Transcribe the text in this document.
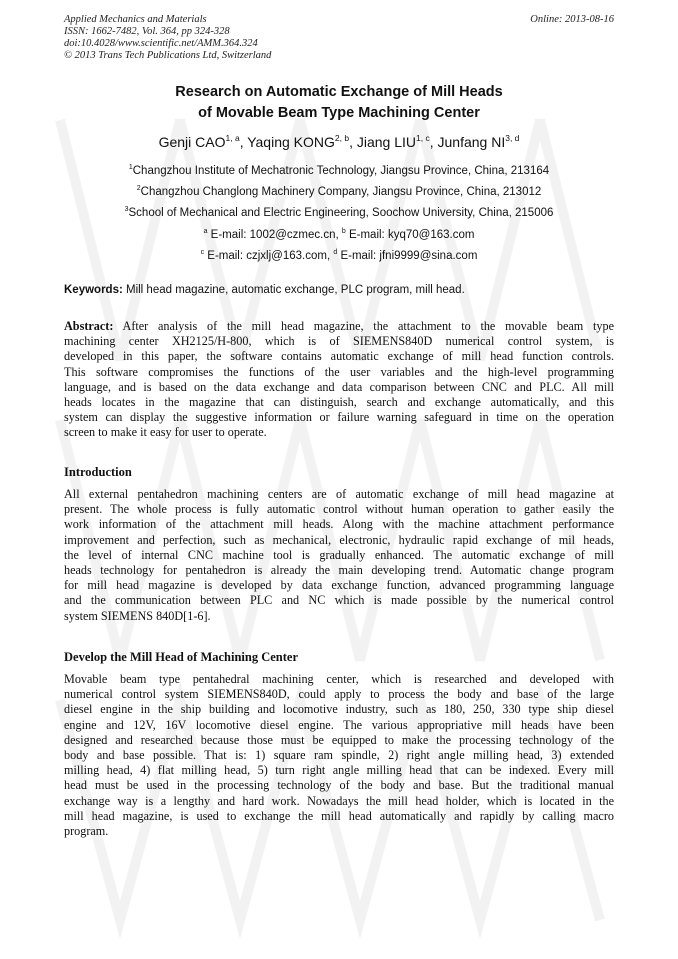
Applied Mechanics and Materials
ISSN: 1662-7482, Vol. 364, pp 324-328
doi:10.4028/www.scientific.net/AMM.364.324
© 2013 Trans Tech Publications Ltd, Switzerland
Online: 2013-08-16
Research on Automatic Exchange of Mill Heads
of Movable Beam Type Machining Center
Genji CAO$^{1, a}$, Yaqing KONG$^{2, b}$, Jiang LIU$^{1, c}$, Junfang NI$^{3, d}$
$^1$Changzhou Institute of Mechatronic Technology, Jiangsu Province, China, 213164
$^2$Changzhou Changlong Machinery Company, Jiangsu Province, China, 213012
$^3$School of Mechanical and Electric Engineering, Soochow University, China, 215006
$^a$ E-mail: 1002@czmec.cn, $^b$ E-mail: kyq70@163.com
$^c$ E-mail: czjxlj@163.com, $^d$ E-mail: jfni9999@sina.com
Keywords: Mill head magazine, automatic exchange, PLC program, mill head.
Abstract: After analysis of the mill head magazine, the attachment to the movable beam type
machining center XH2125/H-800, which is of SIEMENS840D numerical control system, is
developed in this paper, the software contains automatic exchange of mill head function controls.
This software compromises the functions of the user variables and the high-level programming
language, and is based on the data exchange and data comparison between CNC and PLC. All mill
heads locates in the magazine that can distinguish, search and exchange automatically, and this
system can display the suggestive information or failure warning safeguard in time on the operation
screen to make it easy for user to operate.
Introduction
All external pentahedron machining centers are of automatic exchange of mill head magazine at
present. The whole process is fully automatic control without human operation to gather easily the
work information of the attachment mill heads. Along with the machine attachment performance
improvement and perfection, such as mechanical, electronic, hydraulic rapid exchange of mil heads,
the level of internal CNC machine tool is gradually enhanced. The automatic exchange of mill
heads technology for pentahedron is already the main developing trend. Automatic change program
for mill head magazine is developed by data exchange function, advanced programming language
and the communication between PLC and NC which is made possible by the numerical control
system SIEMENS 840D[1-6].
Develop the Mill Head of Machining Center
Movable beam type pentahedral machining center, which is researched and developed with
numerical control system SIEMENS840D, could apply to process the body and base of the large
diesel engine in the ship building and locomotive industry, such as 180, 250, 330 type ship diesel
engine and 12V, 16V locomotive diesel engine. The various appropriative mill heads have been
designed and researched because those must be equipped to make the processing technology of the
body and base possible. That is: 1) square ram spindle, 2) right angle milling head, 3) extended
milling head, 4) flat milling head, 5) turn right angle milling head that can be indexed. Every mill
head must be used in the processing technology of the body and base. But the traditional manual
exchange way is a lengthy and hard work. Nowadays the mill head holder, which is located in the
mill head magazine, is used to exchange the mill head automatically and rapidly by calling macro
program.
